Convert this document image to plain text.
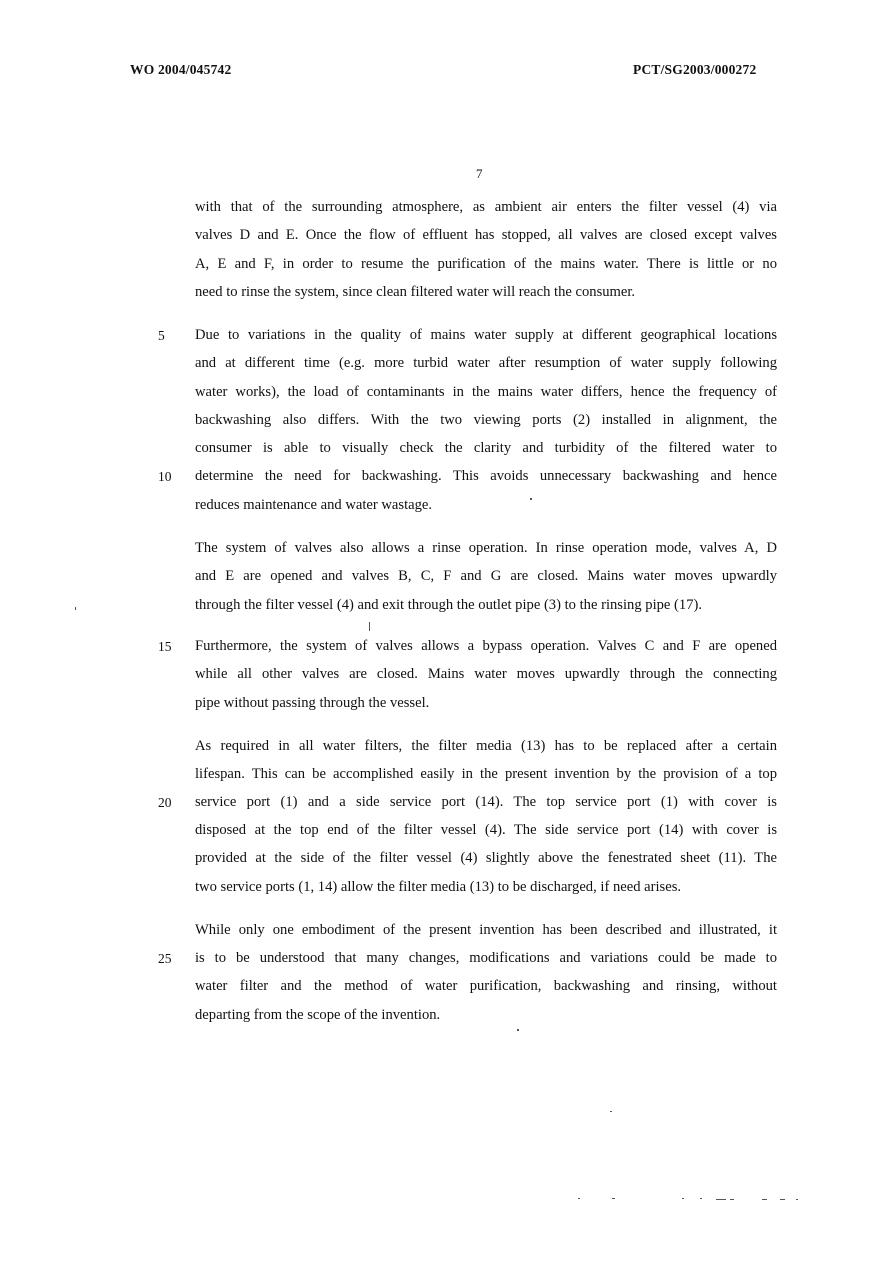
WO 2004/045742	PCT/SG2003/000272
7
with that of the surrounding atmosphere, as ambient air enters the filter vessel (4) via
valves D and E. Once the flow of effluent has stopped, all valves are closed except valves
A, E and F, in order to resume the purification of the mains water. There is little or no
need to rinse the system, since clean filtered water will reach the consumer.
5 Due to variations in the quality of mains water supply at different geographical locations
and at different time (e.g. more turbid water after resumption of water supply following
water works), the load of contaminants in the mains water differs, hence the frequency of
backwashing also differs. With the two viewing ports (2) installed in alignment, the
consumer is able to visually check the clarity and turbidity of the filtered water to
10 determine the need for backwashing. This avoids unnecessary backwashing and hence
reduces maintenance and water wastage.
The system of valves also allows a rinse operation. In rinse operation mode, valves A, D
and E are opened and valves B, C, F and G are closed. Mains water moves upwardly
through the filter vessel (4) and exit through the outlet pipe (3) to the rinsing pipe (17).
15 Furthermore, the system of valves allows a bypass operation. Valves C and F are opened
while all other valves are closed. Mains water moves upwardly through the connecting
pipe without passing through the vessel.
As required in all water filters, the filter media (13) has to be replaced after a certain
lifespan. This can be accomplished easily in the present invention by the provision of a top
20 service port (1) and a side service port (14). The top service port (1) with cover is
disposed at the top end of the filter vessel (4). The side service port (14) with cover is
provided at the side of the filter vessel (4) slightly above the fenestrated sheet (11). The
two service ports (1, 14) allow the filter media (13) to be discharged, if need arises.
While only one embodiment of the present invention has been described and illustrated, it
25 is to be understood that many changes, modifications and variations could be made to
water filter and the method of water purification, backwashing and rinsing, without
departing from the scope of the invention.
